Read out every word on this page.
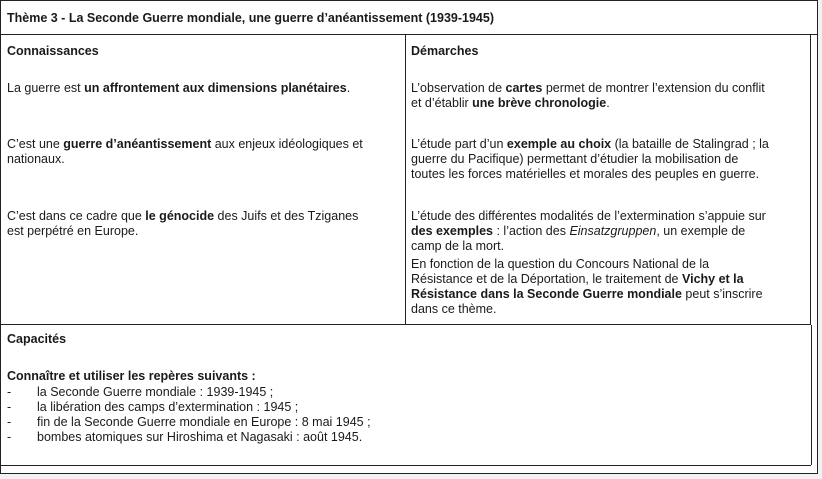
Thème 3 - La Seconde Guerre mondiale, une guerre d’anéantissement (1939-1945)
Connaissances
La guerre est un affrontement aux dimensions planétaires.
C’est une guerre d’anéantissement aux enjeux idéologiques et
nationaux.
C’est dans ce cadre que le génocide des Juifs et des Tziganes
est perpétré en Europe.
Démarches
L’observation de cartes permet de montrer l’extension du conflit
et d’établir une brève chronologie.
L’étude part d’un exemple au choix (la bataille de Stalingrad ; la
guerre du Pacifique) permettant d’étudier la mobilisation de
toutes les forces matérielles et morales des peuples en guerre.
L’étude des différentes modalités de l’extermination s’appuie sur
des exemples : l’action des Einsatzgruppen, un exemple de
camp de la mort.
En fonction de la question du Concours National de la
Résistance et de la Déportation, le traitement de Vichy et la
Résistance dans la Seconde Guerre mondiale peut s’inscrire
dans ce thème.
Capacités
Connaître et utiliser les repères suivants :
- la Seconde Guerre mondiale : 1939-1945 ;
- la libération des camps d’extermination : 1945 ;
- fin de la Seconde Guerre mondiale en Europe : 8 mai 1945 ;
- bombes atomiques sur Hiroshima et Nagasaki : août 1945.
